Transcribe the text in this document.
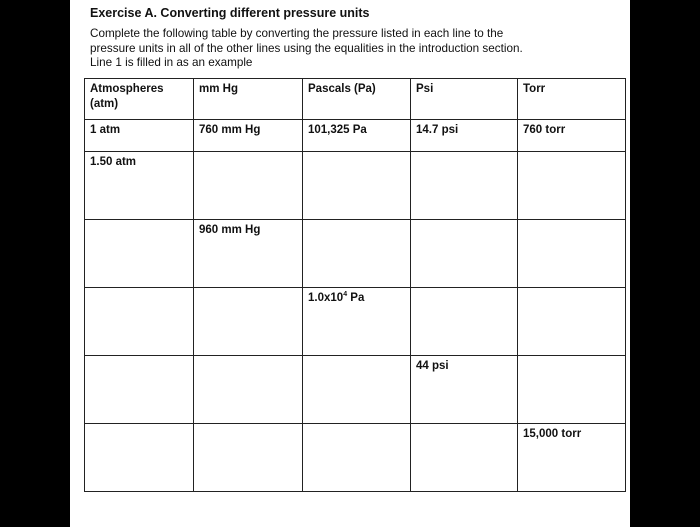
Exercise A. Converting different pressure units
Complete the following table by converting the pressure listed in each line to the
pressure units in all of the other lines using the equalities in the introduction section.
Line 1 is filled in as an example
Atmospheres (atm)	mm Hg	Pascals (Pa)	Psi	Torr
1 atm	760 mm Hg	101,325 Pa	14.7 psi	760 torr
1.50 atm				
	960 mm Hg			
		$1.0x10^4$ Pa		
			44 psi	
				15,000 torr
